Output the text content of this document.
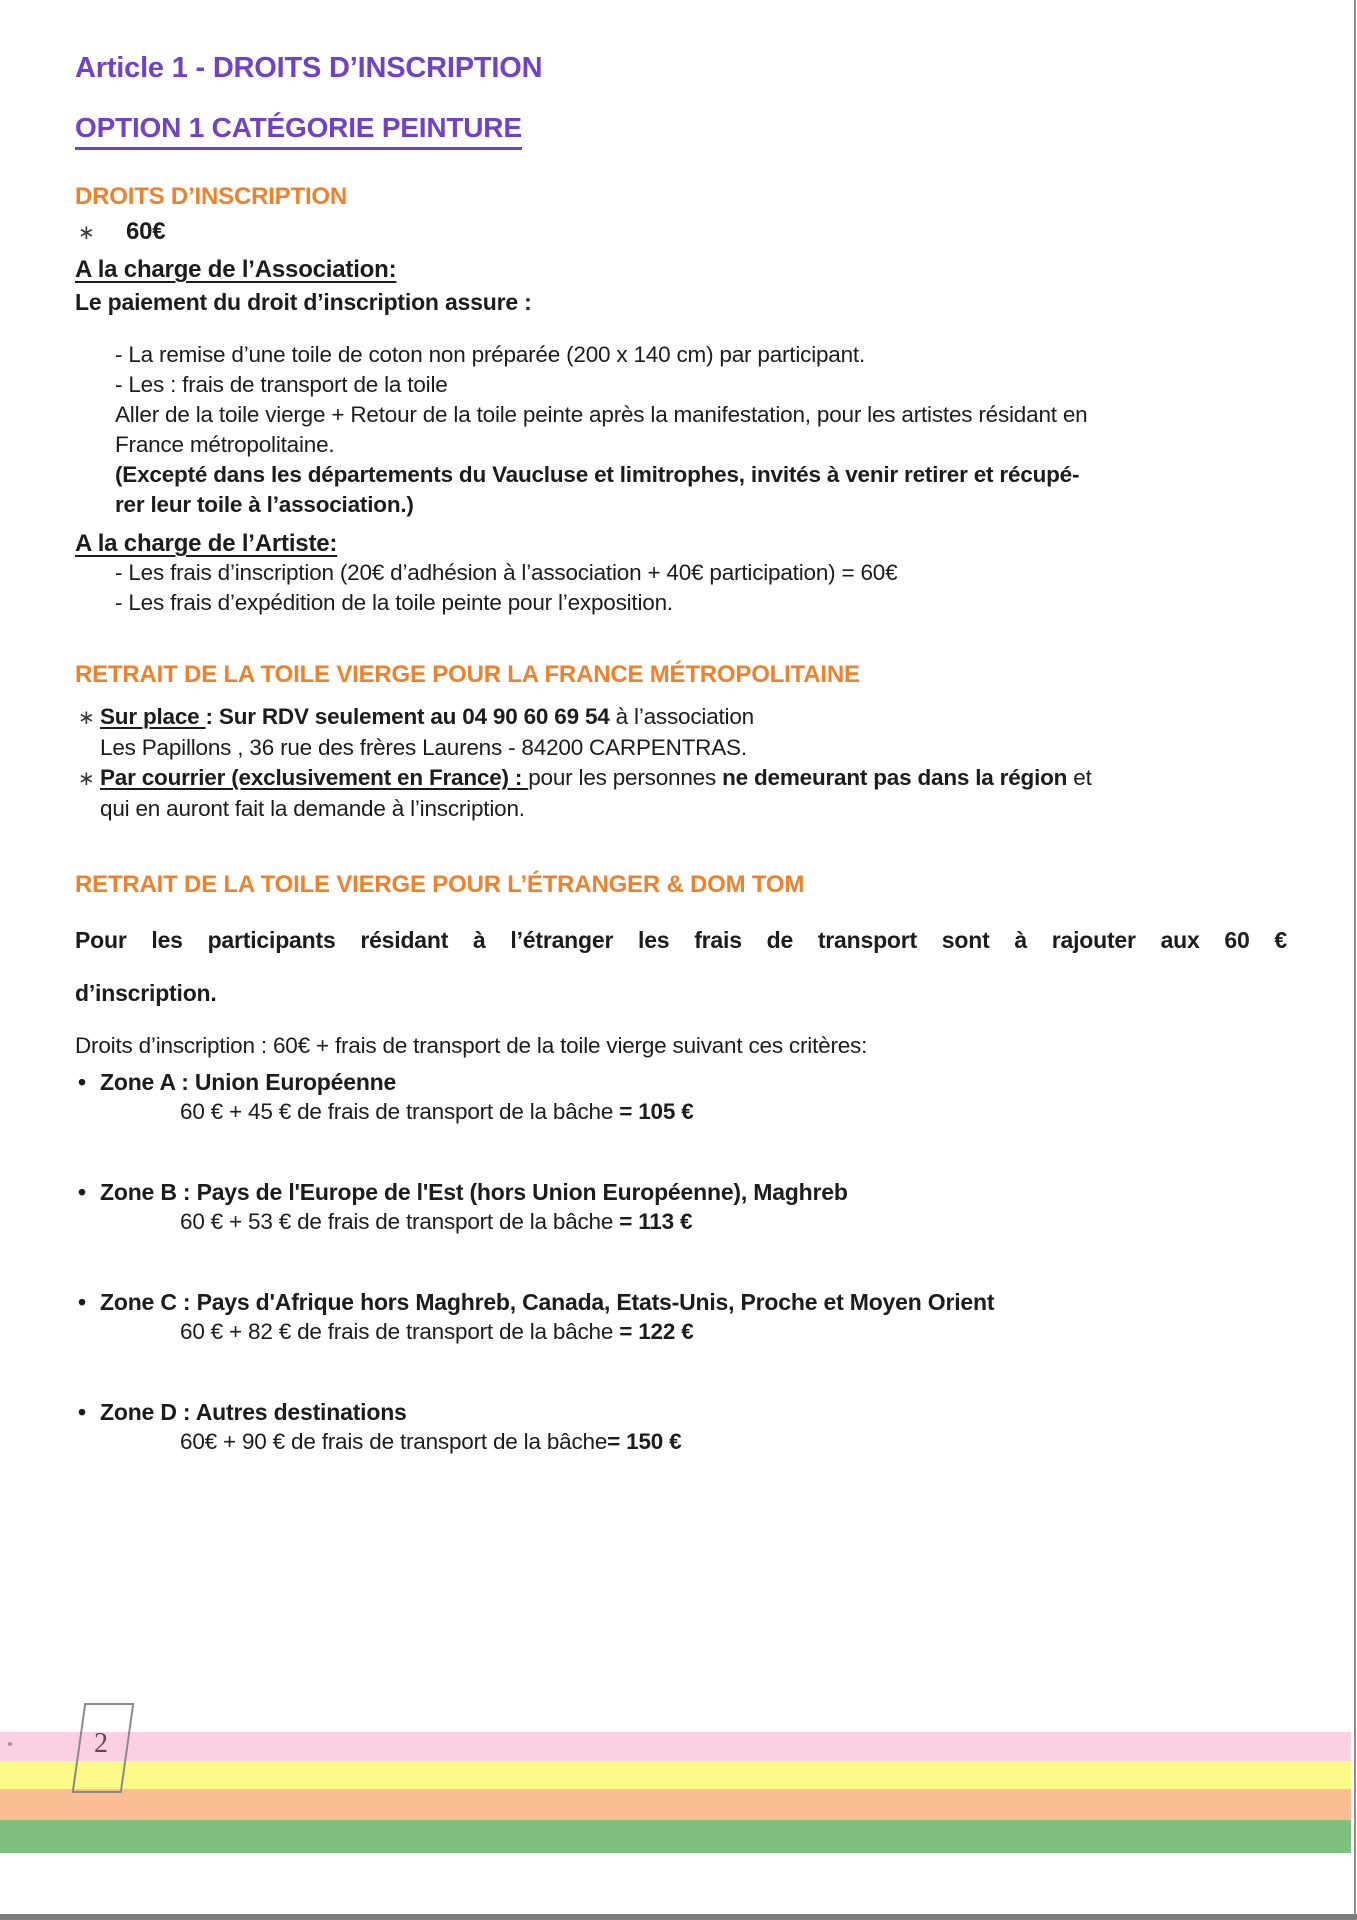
Article 1 - DROITS D’INSCRIPTION
OPTION 1 CATÉGORIE PEINTURE
DROITS D’INSCRIPTION
∗ 60€

A la charge de l’Association:

Le paiement du droit d’inscription assure :

- La remise d’une toile de coton non préparée (200 x 140 cm) par participant.

- Les : frais de transport de la toile

Aller de la toile vierge + Retour de la toile peinte après la manifestation, pour les artistes résidant en

France métropolitaine.

(Excepté dans les départements du Vaucluse et limitrophes, invités à venir retirer et récupé-

rer leur toile à l’association.)

A la charge de l’Artiste:

- Les frais d’inscription (20€ d’adhésion à l’association + 40€ participation) = 60€

- Les frais d’expédition de la toile peinte pour l’exposition.

RETRAIT DE LA TOILE VIERGE POUR LA FRANCE MÉTROPOLITAINE
∗ Sur place : Sur RDV seulement au 04 90 60 69 54 à l’association

Les Papillons , 36 rue des frères Laurens - 84200 CARPENTRAS.

∗ Par courrier (exclusivement en France) : pour les personnes ne demeurant pas dans la région et

qui en auront fait la demande à l’inscription.

RETRAIT DE LA TOILE VIERGE POUR L’ÉTRANGER & DOM TOM

Pour les participants résidant à l’étranger les frais de transport sont à rajouter aux 60 €

d’inscription.

Droits d’inscription : 60€ + frais de transport de la toile vierge suivant ces critères:

• Zone A : Union Européenne

60 € + 45 € de frais de transport de la bâche = 105 €

• Zone B : Pays de l'Europe de l'Est (hors Union Européenne), Maghreb

60 € + 53 € de frais de transport de la bâche = 113 €

• Zone C : Pays d'Afrique hors Maghreb, Canada, Etats-Unis, Proche et Moyen Orient

60 € + 82 € de frais de transport de la bâche = 122 €

• Zone D : Autres destinations

60€ + 90 € de frais de transport de la bâche= 150 €

2
